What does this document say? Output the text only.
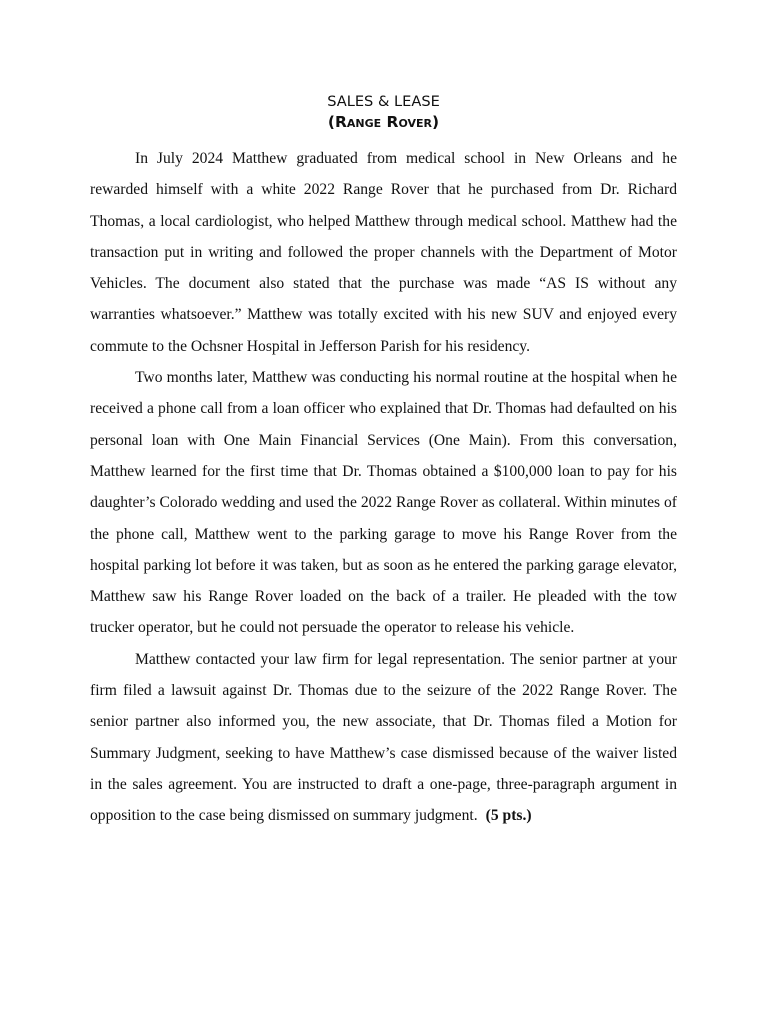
SALES & LEASE
(Range Rover)

In July 2024 Matthew graduated from medical school in New Orleans and he rewarded himself with a white 2022 Range Rover that he purchased from Dr. Richard Thomas, a local cardiologist, who helped Matthew through medical school. Matthew had the transaction put in writing and followed the proper channels with the Department of Motor Vehicles. The document also stated that the purchase was made “AS IS without any warranties whatsoever.” Matthew was totally excited with his new SUV and enjoyed every commute to the Ochsner Hospital in Jefferson Parish for his residency.

Two months later, Matthew was conducting his normal routine at the hospital when he received a phone call from a loan officer who explained that Dr. Thomas had defaulted on his personal loan with One Main Financial Services (One Main). From this conversation, Matthew learned for the first time that Dr. Thomas obtained a $100,000 loan to pay for his daughter’s Colorado wedding and used the 2022 Range Rover as collateral. Within minutes of the phone call, Matthew went to the parking garage to move his Range Rover from the hospital parking lot before it was taken, but as soon as he entered the parking garage elevator, Matthew saw his Range Rover loaded on the back of a trailer. He pleaded with the tow trucker operator, but he could not persuade the operator to release his vehicle.

Matthew contacted your law firm for legal representation. The senior partner at your firm filed a lawsuit against Dr. Thomas due to the seizure of the 2022 Range Rover. The senior partner also informed you, the new associate, that Dr. Thomas filed a Motion for Summary Judgment, seeking to have Matthew’s case dismissed because of the waiver listed in the sales agreement. You are instructed to draft a one-page, three-paragraph argument in opposition to the case being dismissed on summary judgment. (5 pts.)
